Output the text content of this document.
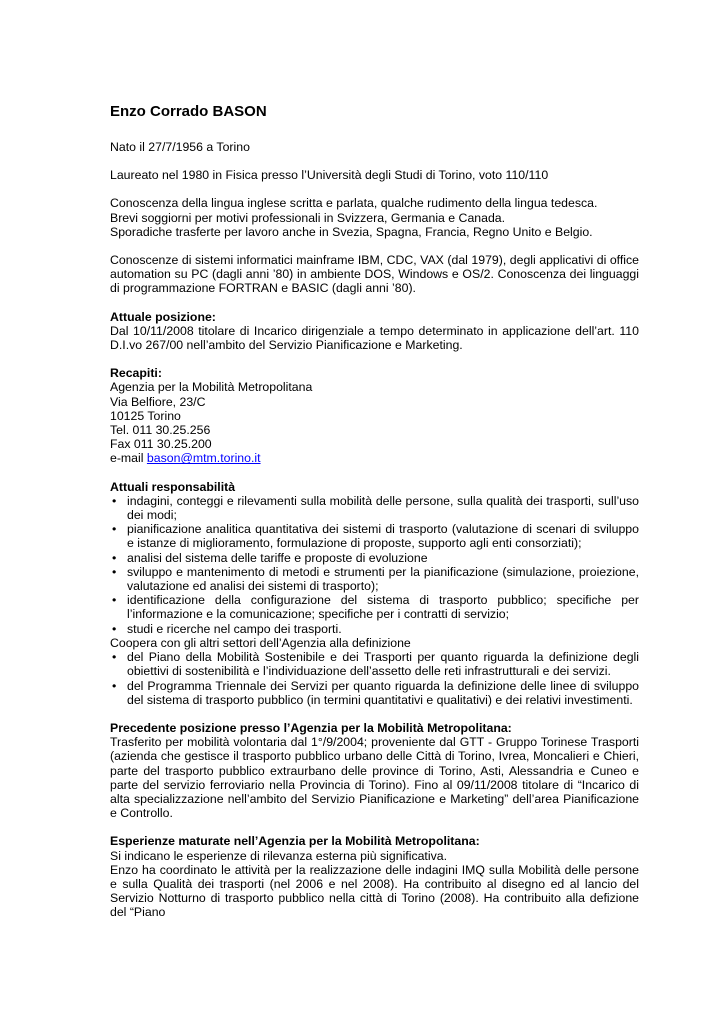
Enzo Corrado BASON

Nato il 27/7/1956 a Torino

Laureato nel 1980 in Fisica presso l’Università degli Studi di Torino, voto 110/110

Conoscenza della lingua inglese scritta e parlata, qualche rudimento della lingua tedesca.

Brevi soggiorni per motivi professionali in Svizzera, Germania e Canada.

Sporadiche trasferte per lavoro anche in Svezia, Spagna, Francia, Regno Unito e Belgio.

Conoscenze di sistemi informatici mainframe IBM, CDC, VAX (dal 1979), degli applicativi di office automation su PC (dagli anni ’80) in ambiente DOS, Windows e OS/2. Conoscenza dei linguaggi di programmazione FORTRAN e BASIC (dagli anni ’80).

Attuale posizione:

Dal 10/11/2008 titolare di Incarico dirigenziale a tempo determinato in applicazione dell’art. 110 D.I.vo 267/00 nell’ambito del Servizio Pianificazione e Marketing.

Recapiti:

Agenzia per la Mobilità Metropolitana

Via Belfiore, 23/C

10125 Torino

Tel. 011 30.25.256

Fax 011 30.25.200

e-mail bason@mtm.torino.it

Attuali responsabilità

• indagini, conteggi e rilevamenti sulla mobilità delle persone, sulla qualità dei trasporti, sull’uso dei modi;
• pianificazione analitica quantitativa dei sistemi di trasporto (valutazione di scenari di sviluppo e istanze di miglioramento, formulazione di proposte, supporto agli enti consorziati);
• analisi del sistema delle tariffe e proposte di evoluzione
• sviluppo e mantenimento di metodi e strumenti per la pianificazione (simulazione, proiezione, valutazione ed analisi dei sistemi di trasporto);
• identificazione della configurazione del sistema di trasporto pubblico; specifiche per l’informazione e la comunicazione; specifiche per i contratti di servizio;
• studi e ricerche nel campo dei trasporti.

Coopera con gli altri settori dell’Agenzia alla definizione

• del Piano della Mobilità Sostenibile e dei Trasporti per quanto riguarda la definizione degli obiettivi di sostenibilità e l’individuazione dell’assetto delle reti infrastrutturali e dei servizi.
• del Programma Triennale dei Servizi per quanto riguarda la definizione delle linee di sviluppo del sistema di trasporto pubblico (in termini quantitativi e qualitativi) e dei relativi investimenti.

Precedente posizione presso l’Agenzia per la Mobilità Metropolitana:

Trasferito per mobilità volontaria dal 1°/9/2004; proveniente dal GTT - Gruppo Torinese Trasporti (azienda che gestisce il trasporto pubblico urbano delle Città di Torino, Ivrea, Moncalieri e Chieri, parte del trasporto pubblico extraurbano delle province di Torino, Asti, Alessandria e Cuneo e parte del servizio ferroviario nella Provincia di Torino). Fino al 09/11/2008 titolare di “Incarico di alta specializzazione nell’ambito del Servizio Pianificazione e Marketing” dell’area Pianificazione e Controllo.

Esperienze maturate nell’Agenzia per la Mobilità Metropolitana:

Si indicano le esperienze di rilevanza esterna più significativa.

Enzo ha coordinato le attività per la realizzazione delle indagini IMQ sulla Mobilità delle persone e sulla Qualità dei trasporti (nel 2006 e nel 2008). Ha contribuito al disegno ed al lancio del Servizio Notturno di trasporto pubblico nella città di Torino (2008). Ha contribuito alla defizione del “Piano
